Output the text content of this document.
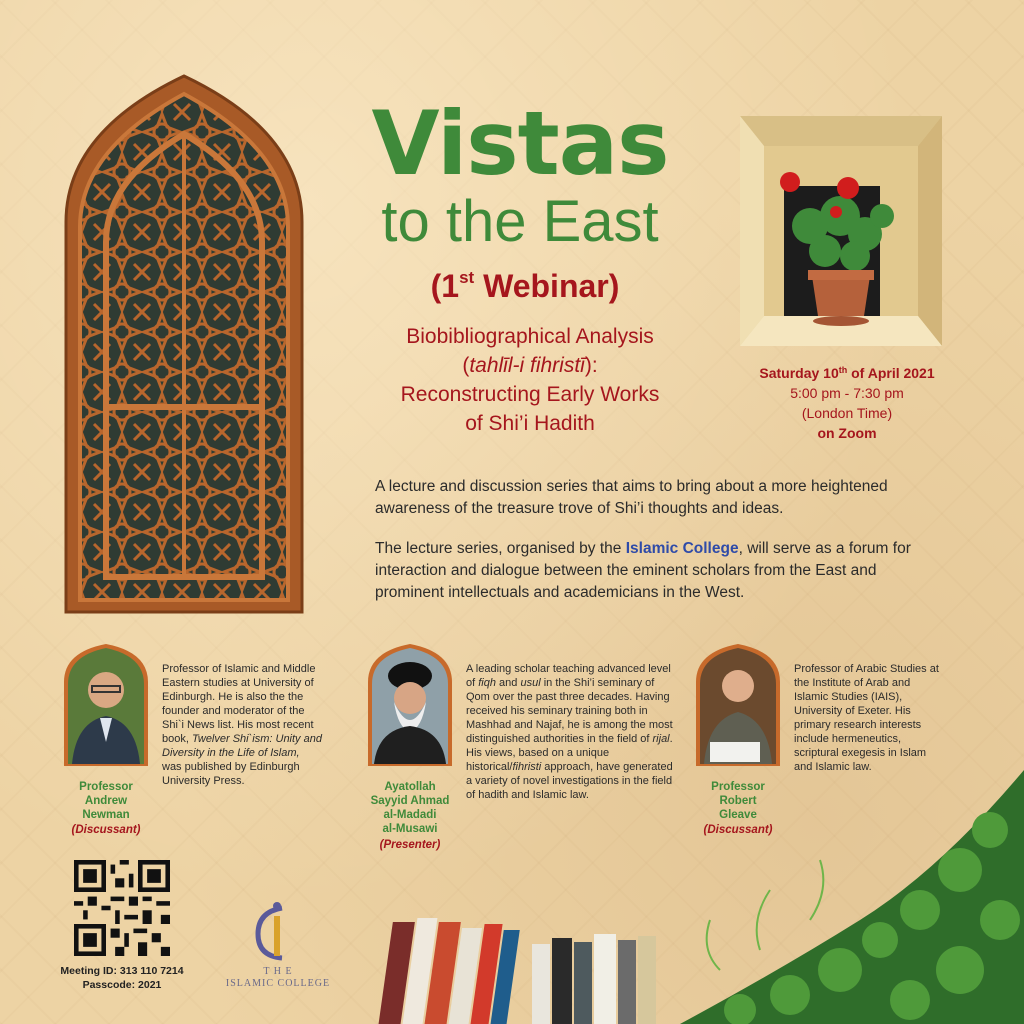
Vistas
to the East
(1st Webinar)
Biobibliographical Analysis
(tahlīl-i fihristī):
Reconstructing Early Works
of Shi’i Hadith
Saturday 10th of April 2021
5:00 pm - 7:30 pm
(London Time)
on Zoom

A lecture and discussion series that aims to bring about a more heightened awareness of the treasure trove of Shi’i thoughts and ideas.

The lecture series, organised by the Islamic College, will serve as a forum for interaction and dialogue between the eminent scholars from the East and prominent intellectuals and academicians in the West.

Professor
Andrew
Newman
(Discussant)
Professor of Islamic and Middle Eastern studies at University of Edinburgh. He is also the the founder and moderator of the Shi`i News list. His most recent book, Twelver Shi`ism: Unity and Diversity in the Life of Islam, was published by Edinburgh University Press.	Ayatollah
Sayyid Ahmad
al-Madadi
al-Musawi
(Presenter)
A leading scholar teaching advanced level of fiqh and usul in the Shi’i seminary of Qom over the past three decades. Having received his seminary training both in Mashhad and Najaf, he is among the most distinguished authorities in the field of rijal. His views, based on a unique historical/fihristi approach, have generated a variety of novel investigations in the field of hadith and Islamic law.
Professor
Robert
Gleave
(Discussant)
Professor of Arabic Studies at the Institute of Arab and Islamic Studies (IAIS), University of Exeter. His primary research interests include hermeneutics, scriptural exegesis in Islam and Islamic law.
Meeting ID: 313 110 7214
Passcode: 2021
T H E
ISLAMIC COLLEGE
